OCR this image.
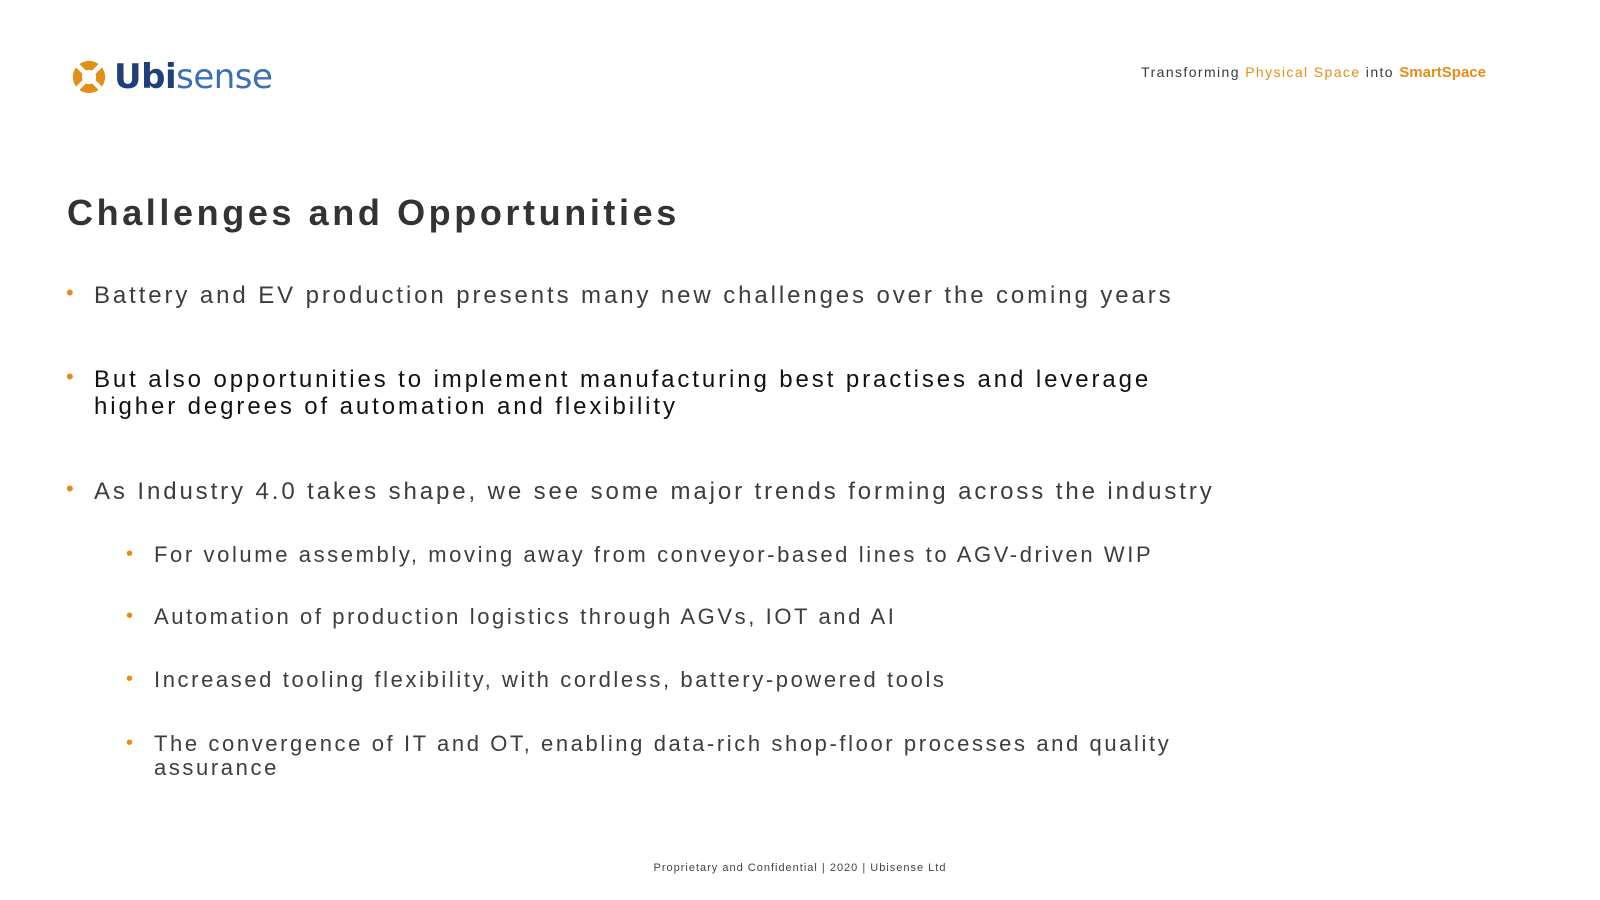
Ubisense	Transforming Physical Space into SmartSpace
Challenges and Opportunities
• Battery and EV production presents many new challenges over the coming years
• But also opportunities to implement manufacturing best practises and leverage
higher degrees of automation and flexibility
• As Industry 4.0 takes shape, we see some major trends forming across the industry
• For volume assembly, moving away from conveyor-based lines to AGV-driven WIP
• Automation of production logistics through AGVs, IOT and AI
• Increased tooling flexibility, with cordless, battery-powered tools
• The convergence of IT and OT, enabling data-rich shop-floor processes and quality
assurance
Proprietary and Confidential | 2020 | Ubisense Ltd
